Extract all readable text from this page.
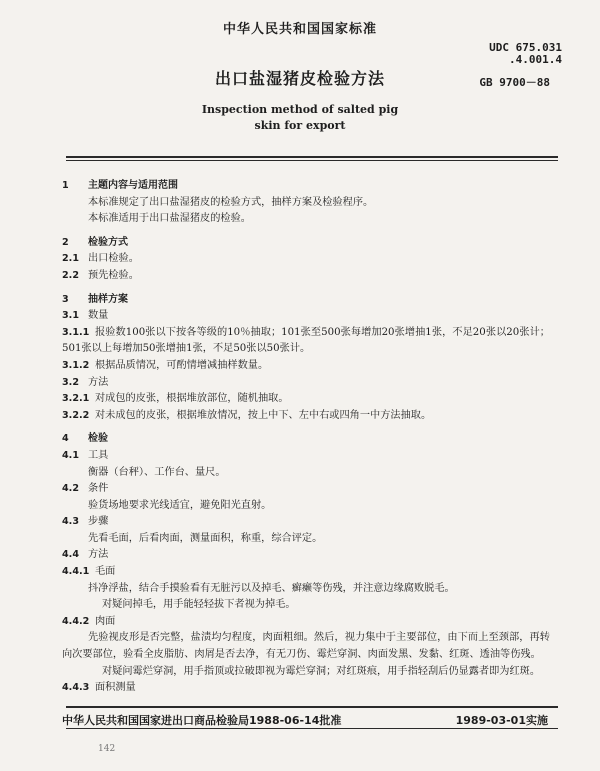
中华人民共和国国家标准
UDC 675.031
.4.001.4
出口盐湿猪皮检验方法	GB 9700－88
Inspection method of salted pig
skin for export
1 主题内容与适用范围
本标准规定了出口盐湿猪皮的检验方式，抽样方案及检验程序。
本标准适用于出口盐湿猪皮的检验。
2 检验方式
2.1 出口检验。
2.2 预先检验。
3 抽样方案
3.1 数量
3.1.1 报验数100张以下按各等级的10％抽取；101张至500张每增加20张增抽1张，不足20张以20张计；501张以上每增加50张增抽1张，不足50张以50张计。
3.1.2 根据品质情况，可酌情增减抽样数量。
3.2 方法
3.2.1 对成包的皮张，根据堆放部位，随机抽取。
3.2.2 对未成包的皮张，根据堆放情况，按上中下、左中右或四角一中方法抽取。
4 检验
4.1 工具
衡器（台秤）、工作台、量尺。
4.2 条件
验货场地要求光线适宜，避免阳光直射。
4.3 步骤
先看毛面，后看肉面，测量面积，称重，综合评定。
4.4 方法
4.4.1 毛面
抖净浮盐，结合手摸验看有无脏污以及掉毛、癣癞等伤残，并注意边缘腐败脱毛。
对疑问掉毛，用手能轻轻拔下者视为掉毛。
4.4.2 肉面
先验视皮形是否完整，盐渍均匀程度，肉面粗细。然后，视力集中于主要部位，由下而上至颈部，再转向次要部位，验看全皮脂肪、肉屑是否去净，有无刀伤、霉烂穿洞、肉面发黑、发黏、红斑、透油等伤残。
对疑问霉烂穿洞，用手指顶或拉破即视为霉烂穿洞；对红斑痕，用手指轻刮后仍显露者即为红斑。
4.4.3 面积测量
中华人民共和国国家进出口商品检验局1988-06-14批准	1989-03-01实施
142
